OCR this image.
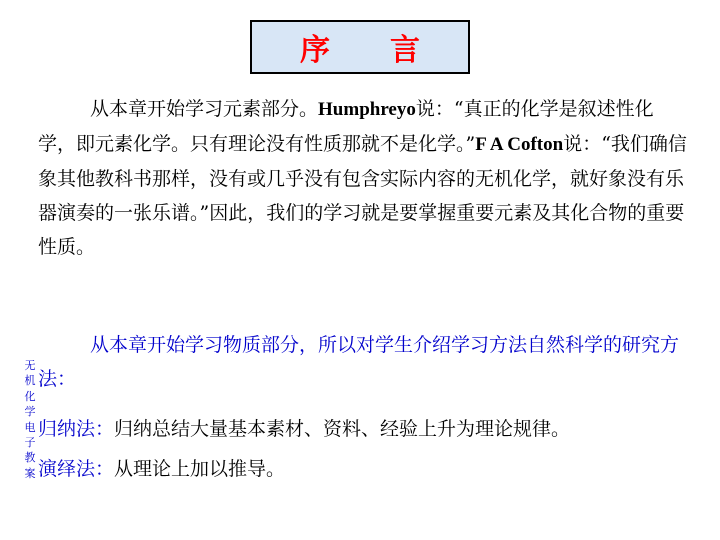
序　　言

从本章开始学习元素部分。Humphreyo说：“真正的化学是叙述性化学，即元素化学。只有理论没有性质那就不是化学。”F A Cofton说：“我们确信象其他教科书那样，没有或几乎没有包含实际内容的无机化学，就好象没有乐器演奏的一张乐谱。”因此，我们的学习就是要掌握重要元素及其化合物的重要性质。

从本章开始学习物质部分，所以对学生介绍学习方法自然科学的研究方法：

归纳法：归纳总结大量基本素材、资料、经验上升为理论规律。

演绎法：从理论上加以推导。

无机化学电子教案
